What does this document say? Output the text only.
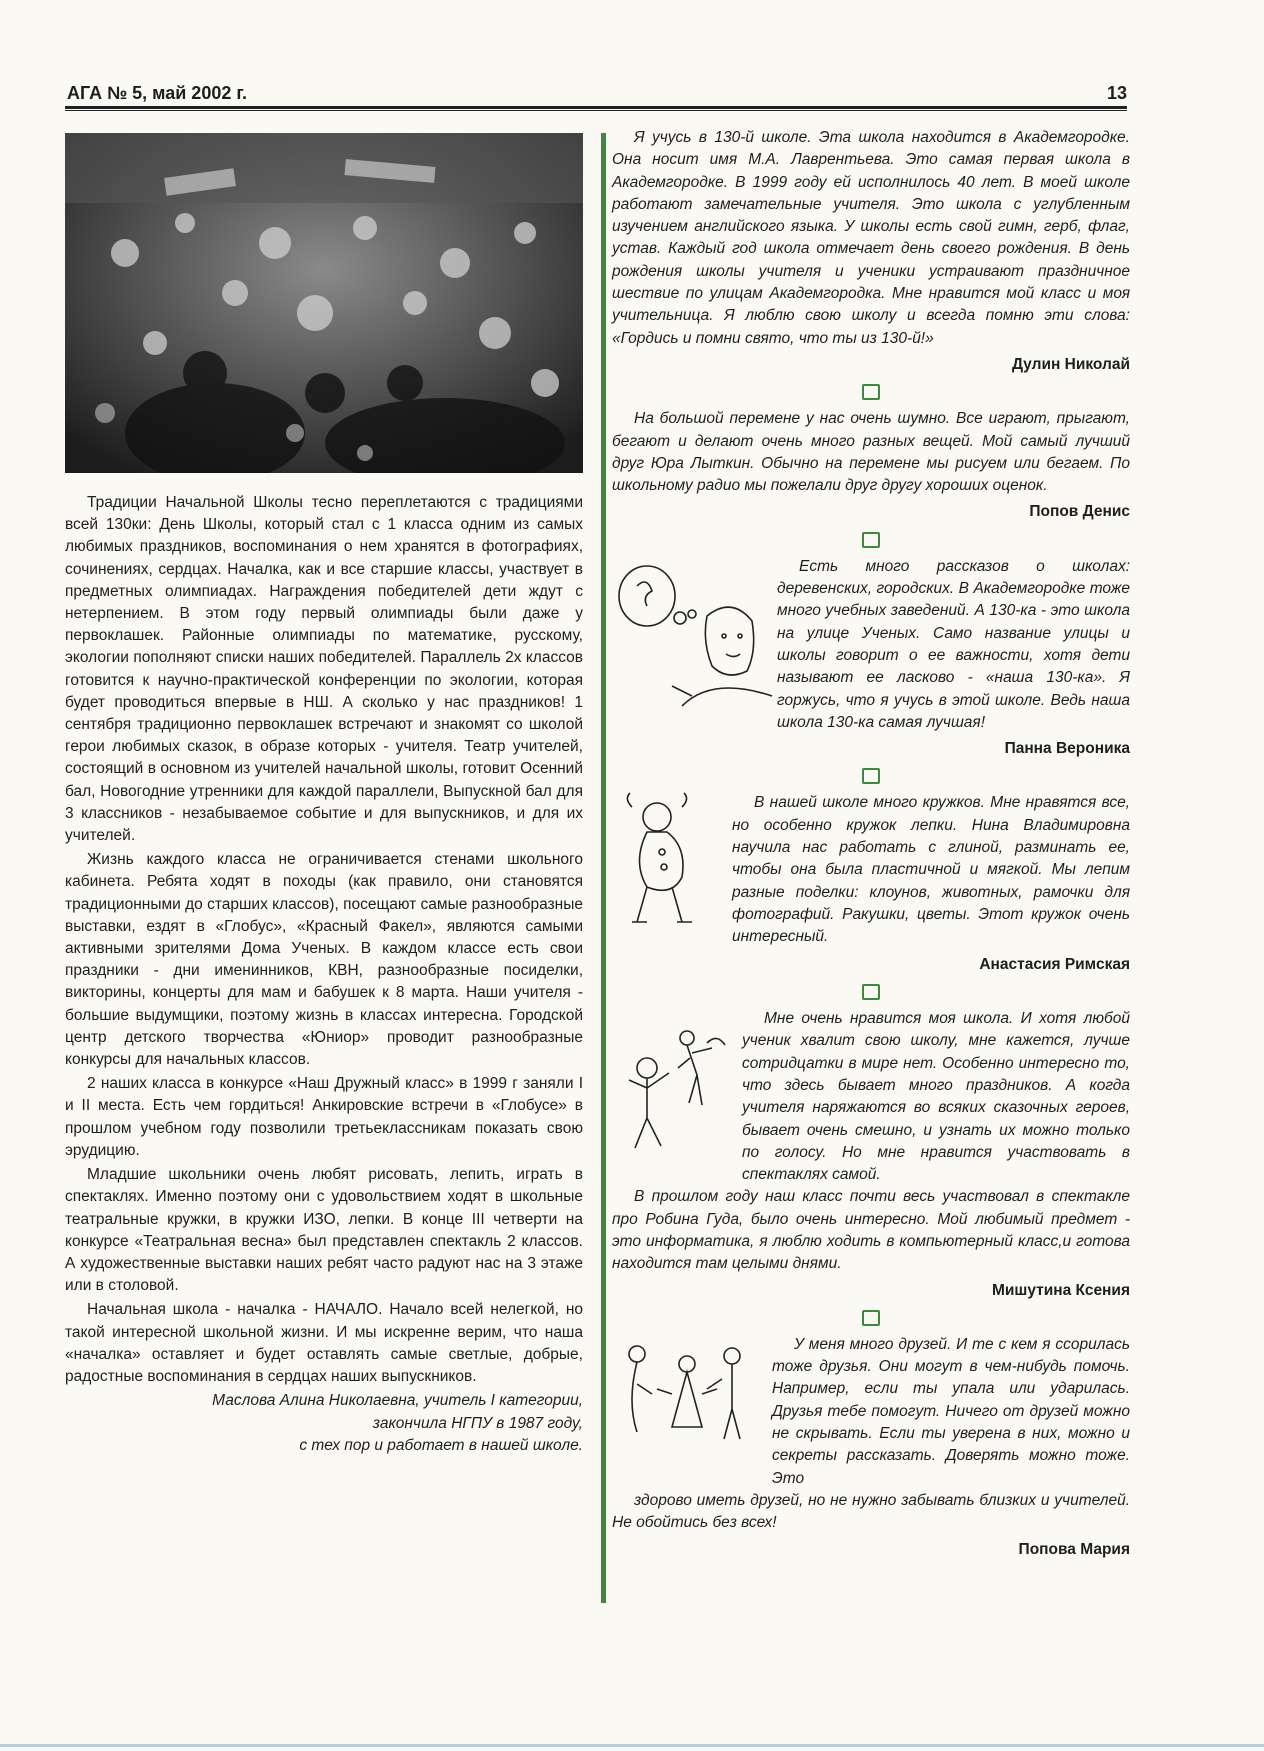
АГА № 5, май 2002 г.	13

Традиции Начальной Школы тесно переплетаются с традициями всей 130ки: День Школы, который стал с 1 класса одним из самых любимых праздников, воспоминания о нем хранятся в фотографиях, сочинениях, сердцах. Началка, как и все старшие классы, участвует в предметных олимпиадах. Награждения победителей дети ждут с нетерпением. В этом году первый олимпиады были даже у первоклашек. Районные олимпиады по математике, русскому, экологии пополняют списки наших победителей. Параллель 2х классов готовится к научно-практической конференции по экологии, которая будет проводиться впервые в НШ. А сколько у нас праздников! 1 сентября традиционно первоклашек встречают и знакомят со школой герои любимых сказок, в образе которых - учителя. Театр учителей, состоящий в основном из учителей начальной школы, готовит Осенний бал, Новогодние утренники для каждой параллели, Выпускной бал для 3 классников - незабываемое событие и для выпускников, и для их учителей.

Жизнь каждого класса не ограничивается стенами школьного кабинета. Ребята ходят в походы (как правило, они становятся традиционными до старших классов), посещают самые разнообразные выставки, ездят в «Глобус», «Красный Факел», являются самыми активными зрителями Дома Ученых. В каждом классе есть свои праздники - дни именинников, КВН, разнообразные посиделки, викторины, концерты для мам и бабушек к 8 марта. Наши учителя - большие выдумщики, поэтому жизнь в классах интересна. Городской центр детского творчества «Юниор» проводит разнообразные конкурсы для начальных классов.

2 наших класса в конкурсе «Наш Дружный класс» в 1999 г заняли I и II места. Есть чем гордиться! Анкировские встречи в «Глобусе» в прошлом учебном году позволили третьеклассникам показать свою эрудицию.

Младшие школьники очень любят рисовать, лепить, играть в спектаклях. Именно поэтому они с удовольствием ходят в школьные театральные кружки, в кружки ИЗО, лепки. В конце III четверти на конкурсе «Театральная весна» был представлен спектакль 2 классов. А художественные выставки наших ребят часто радуют нас на 3 этаже или в столовой.

Начальная школа - началка - НАЧАЛО. Начало всей нелегкой, но такой интересной школьной жизни. И мы искренне верим, что наша «началка» оставляет и будет оставлять самые светлые, добрые, радостные воспоминания в сердцах наших выпускников.

Маслова Алина Николаевна, учитель I категории,
закончила НГПУ в 1987 году,
с тех пор и работает в нашей школе.

Я учусь в 130-й школе. Эта школа находится в Академгородке. Она носит имя М.А. Лаврентьева. Это самая первая школа в Академгородке. В 1999 году ей исполнилось 40 лет. В моей школе работают замечательные учителя. Это школа с углубленным изучением английского языка. У школы есть свой гимн, герб, флаг, устав. Каждый год школа отмечает день своего рождения. В день рождения школы учителя и ученики устраивают праздничное шествие по улицам Академгородка. Мне нравится мой класс и моя учительница. Я люблю свою школу и всегда помню эти слова: «Гордись и помни свято, что ты из 130-й!»

Дулин Николай

На большой перемене у нас очень шумно. Все играют, прыгают, бегают и делают очень много разных вещей. Мой самый лучший друг Юра Лыткин. Обычно на перемене мы рисуем или бегаем. По школьному радио мы пожелали друг другу хороших оценок.

Попов Денис

Есть много рассказов о школах: деревенских, городских. В Академгородке тоже много учебных заведений. А 130-ка - это школа на улице Ученых. Само название улицы и школы говорит о ее важности, хотя дети называют ее ласково - «наша 130-ка». Я горжусь, что я учусь в этой школе. Ведь наша школа 130-ка самая лучшая!

Панна Вероника

В нашей школе много кружков. Мне нравятся все, но особенно кружок лепки. Нина Владимировна научила нас работать с глиной, разминать ее, чтобы она была пластичной и мягкой. Мы лепим разные поделки: клоунов, животных, рамочки для фотографий. Ракушки, цветы. Этот кружок очень интересный.

Анастасия Римская

Мне очень нравится моя школа. И хотя любой ученик хвалит свою школу, мне кажется, лучше сотридцатки в мире нет. Особенно интересно то, что здесь бывает много праздников. А когда учителя наряжаются во всяких сказочных героев, бывает очень смешно, и узнать их можно только по голосу. Но мне нравится участвовать в спектаклях самой.

В прошлом году наш класс почти весь участвовал в спектакле про Робина Гуда, было очень интересно. Мой любимый предмет - это информатика, я люблю ходить в компьютерный класс,и готова находится там целыми днями.

Мишутина Ксения

У меня много друзей. И те с кем я ссорилась тоже друзья. Они могут в чем-нибудь помочь. Например, если ты упала или ударилась. Друзья тебе помогут. Ничего от друзей можно не скрывать. Если ты уверена в них, можно и секреты рассказать. Доверять можно тоже. Это

здорово иметь друзей, но не нужно забывать близких и учителей. Не обойтись без всех!

Попова Мария
